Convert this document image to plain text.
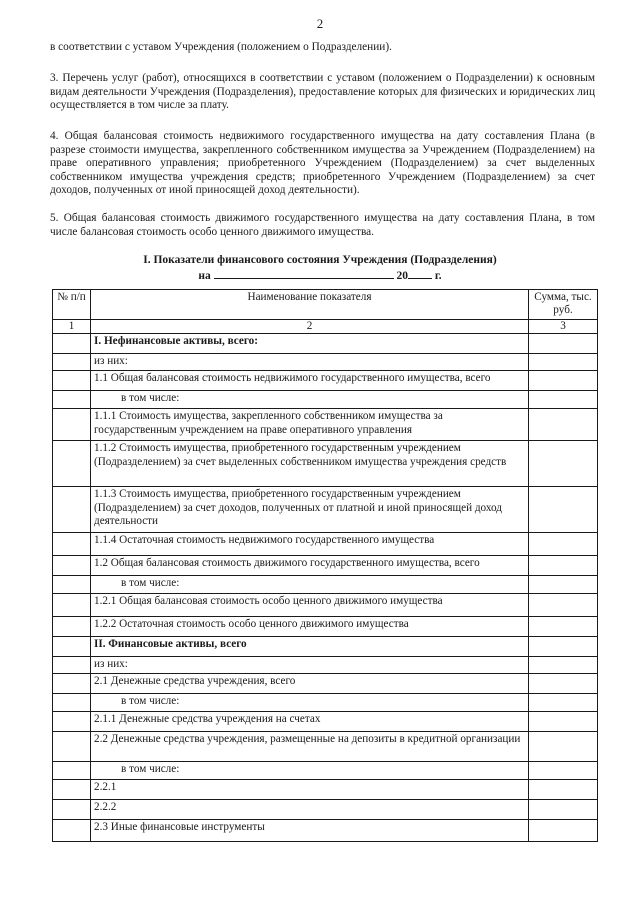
2

в соответствии с уставом Учреждения (положением о Подразделении).

3. Перечень услуг (работ), относящихся в соответствии с уставом (положением о Подразделении) к основным видам деятельности Учреждения (Подразделения), предоставление которых для физических и юридических лиц осуществляется в том числе за плату.

4. Общая балансовая стоимость недвижимого государственного имущества на дату составления Плана (в разрезе стоимости имущества, закрепленного собственником имущества за Учреждением (Подразделением) на праве оперативного управления; приобретенного Учреждением (Подразделением) за счет выделенных собственником имущества учреждения средств; приобретенного Учреждением (Подразделением) за счет доходов, полученных от иной приносящей доход деятельности).

5. Общая балансовая стоимость движимого государственного имущества на дату составления Плана, в том числе балансовая стоимость особо ценного движимого имущества.

I. Показатели финансового состояния Учреждения (Подразделения)
на	20 г.
№ п/п	Наименование показателя	Сумма, тыс. руб.
1	2	3
	I. Нефинансовые активы, всего:	
	из них:	
	1.1 Общая балансовая стоимость недвижимого государственного имущества, всего	
	в том числе:	
	1.1.1 Стоимость имущества, закрепленного собственником имущества за государственным учреждением на праве оперативного управления	
	1.1.2 Стоимость имущества, приобретенного государственным учреждением (Подразделением) за счет выделенных собственником имущества учреждения средств	
	1.1.3 Стоимость имущества, приобретенного государственным учреждением (Подразделением) за счет доходов, полученных от платной и иной приносящей доход деятельности	
	1.1.4 Остаточная стоимость недвижимого государственного имущества	
	1.2 Общая балансовая стоимость движимого государственного имущества, всего	
	в том числе:	
	1.2.1 Общая балансовая стоимость особо ценного движимого имущества	
	1.2.2 Остаточная стоимость особо ценного движимого имущества	
	II. Финансовые активы, всего	
	из них:	
	2.1 Денежные средства учреждения, всего	
	в том числе:	
	2.1.1 Денежные средства учреждения на счетах	
	2.2 Денежные средства учреждения, размещенные на депозиты в кредитной организации	
	в том числе:	
	2.2.1	
	2.2.2	
	2.3 Иные финансовые инструменты	
